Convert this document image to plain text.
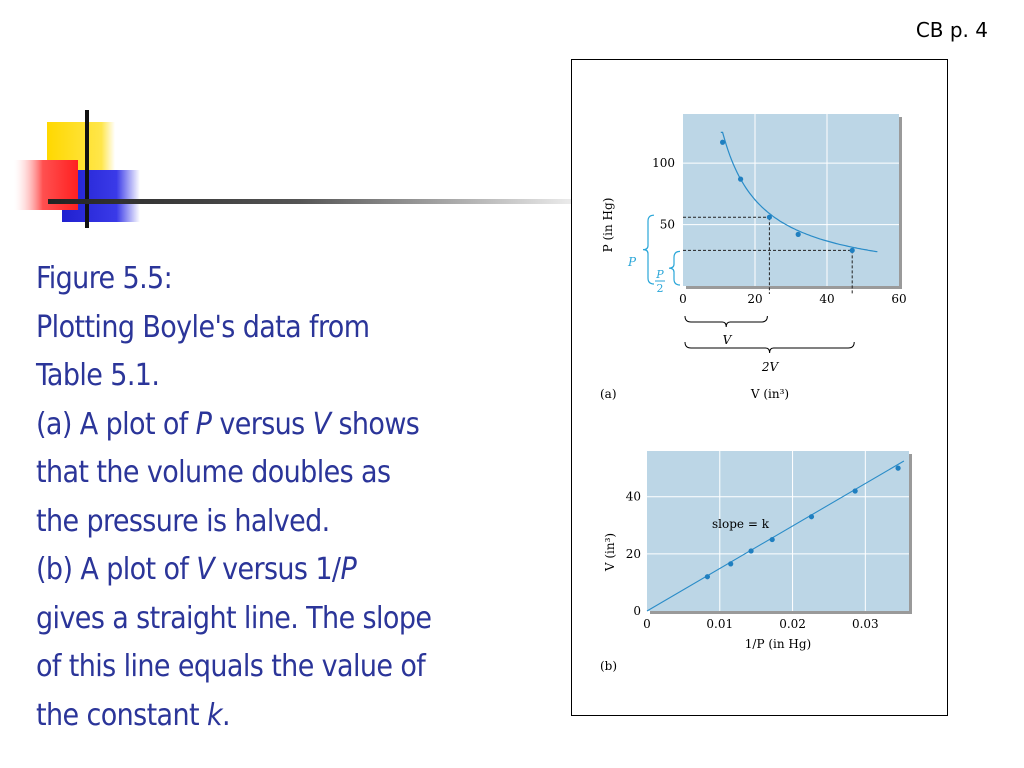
CB p. 4
Figure 5.5:
Plotting Boyle's data from
Table 5.1.
(a) A plot of P versus V shows
that the volume doubles as
the pressure is halved.
(b) A plot of V versus 1/P
gives a straight line. The slope
of this line equals the value of
the constant k.
50
100
0	20	40	60
P (in Hg)
P
P
2
V
2V
(a)	V (in³)
0
20
40
0	0.01	0.02	0.03
slope = k
V (in³)
1/P (in Hg)
(b)
